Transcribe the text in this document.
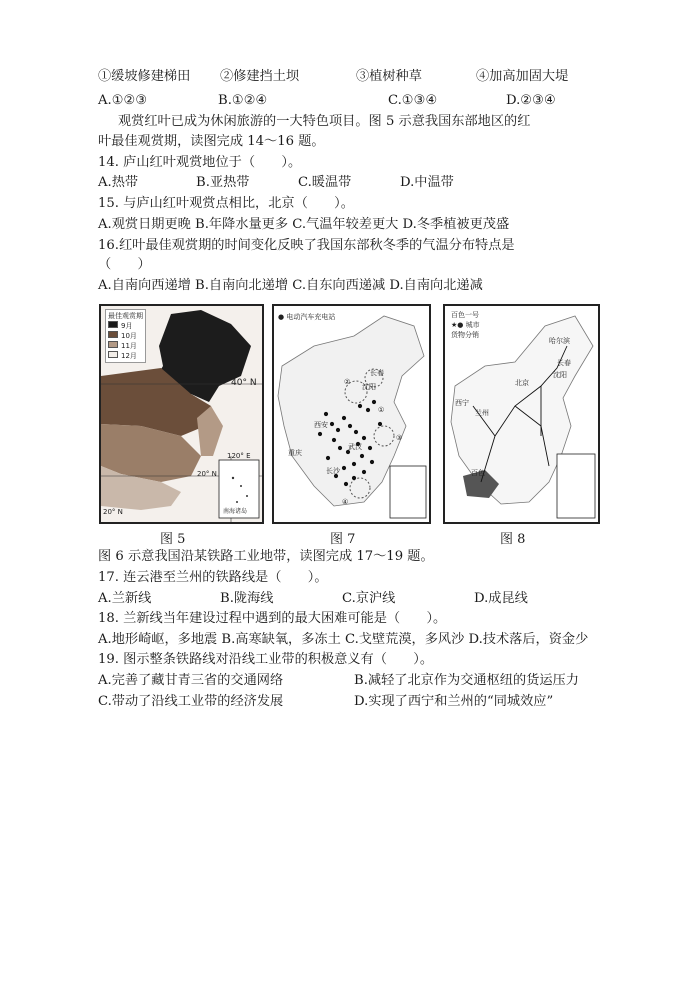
①缓坡修建梯田 ②修建挡土坝	③植树种草	④加高加固大堤
A.①②③	B.①②④	C.①③④	D.②③④
观赏红叶已成为休闲旅游的一大特色项目。图 5 示意我国东部地区的红
叶最佳观赏期，读图完成 14～16 题。
14. 庐山红叶观赏地位于（　　）。
A.热带	B.亚热带	C.暖温带	D.中温带
15. 与庐山红叶观赏点相比，北京（　　）。
A.观赏日期更晚 B.年降水量更多 C.气温年较差更大 D.冬季植被更茂盛
16.红叶最佳观赏期的时间变化反映了我国东部秋冬季的气温分布特点是
（　　）
A.自南向西递增 B.自南向北递增 C.自东向西递减 D.自南向北递减
最佳观赏期
9月
10月
11月
12月
40° N
20° N
20° N
120° E
南海诸岛
● 电动汽车充电站
长春
沈阳
西安
武汉
重庆
长沙
①
②
③
④
百色一号
★● 城市
货物分销
哈尔滨
长春
北京
沈阳
西宁
兰州
百色
图 5	图 7	图 8
图 6 示意我国沿某铁路工业地带，读图完成 17～19 题。
17. 连云港至兰州的铁路线是（　　）。
A.兰新线	B.陇海线	C.京沪线	D.成昆线
18. 兰新线当年建设过程中遇到的最大困难可能是（　　）。
A.地形崎岖，多地震 B.高寒缺氧，多冻土 C.戈壁荒漠，多风沙 D.技术落后，资金少
19. 图示整条铁路线对沿线工业带的积极意义有（　　）。
A.完善了藏甘青三省的交通网络	B.减轻了北京作为交通枢纽的货运压力
C.带动了沿线工业带的经济发展	D.实现了西宁和兰州的“同城效应”
